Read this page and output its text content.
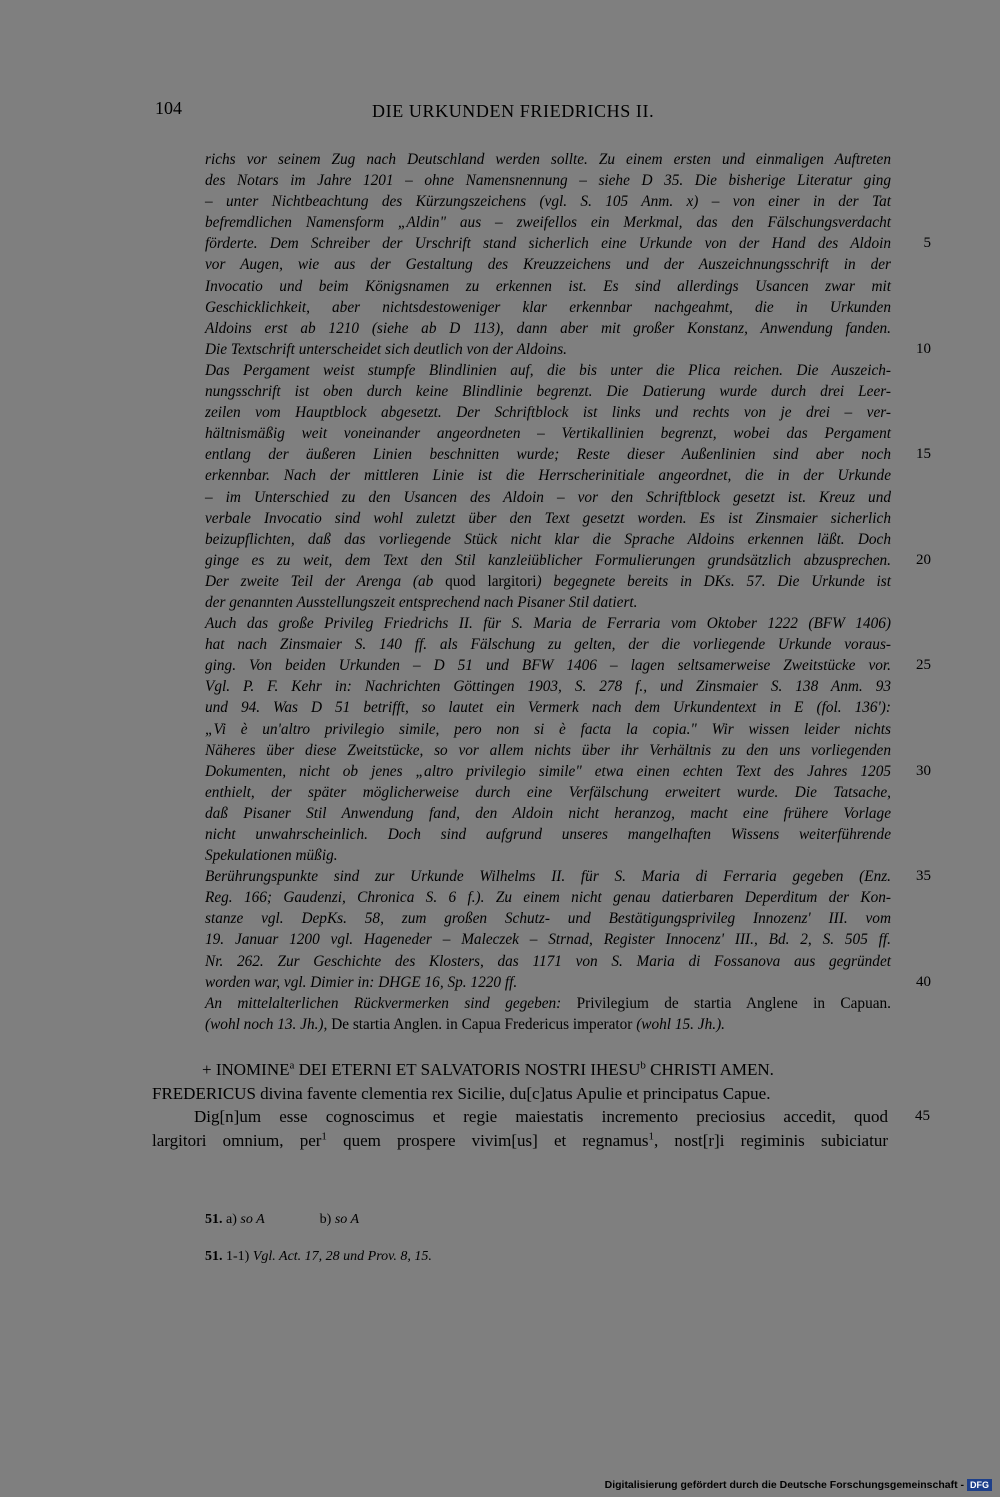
104	DIE URKUNDEN FRIEDRICHS II.
richs vor seinem Zug nach Deutschland werden sollte. Zu einem ersten und einmaligen Auftreten
des Notars im Jahre 1201 – ohne Namensnennung – siehe D 35. Die bisherige Literatur ging
– unter Nichtbeachtung des Kürzungszeichens (vgl. S. 105 Anm. x) – von einer in der Tat
befremdlichen Namensform „Aldin" aus – zweifellos ein Merkmal, das den Fälschungsverdacht
förderte. Dem Schreiber der Urschrift stand sicherlich eine Urkunde von der Hand des Aldoin	5
vor Augen, wie aus der Gestaltung des Kreuzzeichens und der Auszeichnungsschrift in der
Invocatio und beim Königsnamen zu erkennen ist. Es sind allerdings Usancen zwar mit
Geschicklichkeit, aber nichtsdestoweniger klar erkennbar nachgeahmt, die in Urkunden
Aldoins erst ab 1210 (siehe ab D 113), dann aber mit großer Konstanz, Anwendung fanden.
Die Textschrift unterscheidet sich deutlich von der Aldoins.	10
Das Pergament weist stumpfe Blindlinien auf, die bis unter die Plica reichen. Die Auszeich-
nungsschrift ist oben durch keine Blindlinie begrenzt. Die Datierung wurde durch drei Leer-
zeilen vom Hauptblock abgesetzt. Der Schriftblock ist links und rechts von je drei – ver-
hältnismäßig weit voneinander angeordneten – Vertikallinien begrenzt, wobei das Pergament
entlang der äußeren Linien beschnitten wurde; Reste dieser Außenlinien sind aber noch 15
erkennbar. Nach der mittleren Linie ist die Herrscherinitiale angeordnet, die in der Urkunde
– im Unterschied zu den Usancen des Aldoin – vor den Schriftblock gesetzt ist. Kreuz und
verbale Invocatio sind wohl zuletzt über den Text gesetzt worden. Es ist Zinsmaier sicherlich
beizupflichten, daß das vorliegende Stück nicht klar die Sprache Aldoins erkennen läßt. Doch
ginge es zu weit, dem Text den Stil kanzleiüblicher Formulierungen grundsätzlich abzusprechen. 20
Der zweite Teil der Arenga (ab quod largitori) begegnete bereits in DKs. 57. Die Urkunde ist
der genannten Ausstellungszeit entsprechend nach Pisaner Stil datiert.
Auch das große Privileg Friedrichs II. für S. Maria de Ferraria vom Oktober 1222 (BFW 1406)
hat nach Zinsmaier S. 140 ff. als Fälschung zu gelten, der die vorliegende Urkunde voraus-
ging. Von beiden Urkunden – D 51 und BFW 1406 – lagen seltsamerweise Zweitstücke vor. 25
Vgl. P. F. Kehr in: Nachrichten Göttingen 1903, S. 278 f., und Zinsmaier S. 138 Anm. 93
und 94. Was D 51 betrifft, so lautet ein Vermerk nach dem Urkundentext in E (fol. 136'):
„Vi è un'altro privilegio simile, pero non si è facta la copia." Wir wissen leider nichts
Näheres über diese Zweitstücke, so vor allem nichts über ihr Verhältnis zu den uns vorliegenden
Dokumenten, nicht ob jenes „altro privilegio simile" etwa einen echten Text des Jahres 1205 30
enthielt, der später möglicherweise durch eine Verfälschung erweitert wurde. Die Tatsache,
daß Pisaner Stil Anwendung fand, den Aldoin nicht heranzog, macht eine frühere Vorlage
nicht unwahrscheinlich. Doch sind aufgrund unseres mangelhaften Wissens weiterführende
Spekulationen müßig.
Berührungspunkte sind zur Urkunde Wilhelms II. für S. Maria di Ferraria gegeben (Enz. 35
Reg. 166; Gaudenzi, Chronica S. 6 f.). Zu einem nicht genau datierbaren Deperditum der Kon-
stanze vgl. DepKs. 58, zum großen Schutz- und Bestätigungsprivileg Innozenz' III. vom
19. Januar 1200 vgl. Hageneder – Maleczek – Strnad, Register Innocenz' III., Bd. 2, S. 505 ff.
Nr. 262. Zur Geschichte des Klosters, das 1171 von S. Maria di Fossanova aus gegründet
worden war, vgl. Dimier in: DHGE 16, Sp. 1220 ff.	40
An mittelalterlichen Rückvermerken sind gegeben: Privilegium de startia Anglene in Capuan.
(wohl noch 13. Jh.), De startia Anglen. in Capua Fredericus imperator (wohl 15. Jh.).
+ $INOMINE^a$ DEI ETERNI ET SALVATORIS NOSTRI IHESU$^b$ CHRISTI AMEN.
FREDERICUS divina favente clementia rex Sicilie, du[c]atus Apulie et principatus Capue.
Dig[n]um esse cognoscimus et regie maiestatis incremento preciosius accedit, quod 45
largitori omnium, per$^1$ quem prospere vivim[us] et regnamus$^1$, nost[r]i regiminis subiciatur
51. a) so A	b) so A
51. 1-1) Vgl. Act. 17, 28 und Prov. 8, 15.
Digitalisierung gefördert durch die Deutsche Forschungsgemeinschaft - DFG
